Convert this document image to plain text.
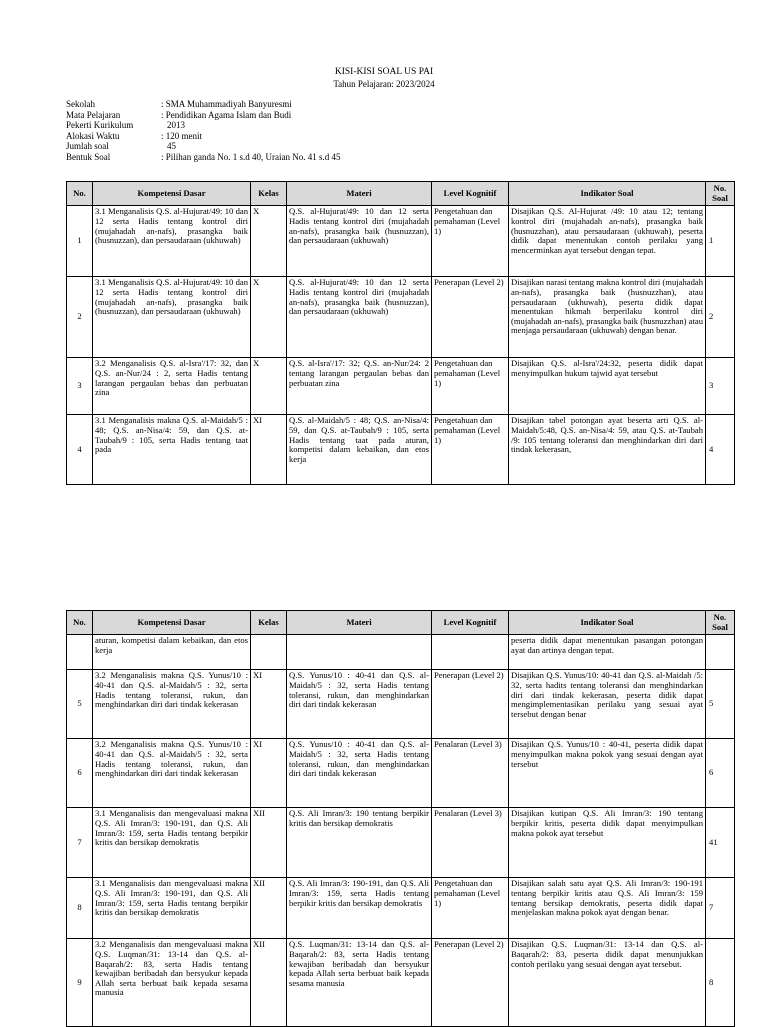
KISI-KISI SOAL US PAI
Tahun Pelajaran: 2023/2024
Sekolah	: SMA Muhammadiyah Banyuresmi
Mata Pelajaran	: Pendidikan Agama Islam dan Budi
Pekerti Kurikulum	2013
Alokasi Waktu	: 120 menit
Jumlah soal	45
Bentuk Soal	: Pilihan ganda No. 1 s.d 40, Uraian No. 41 s.d 45
No.	Kompetensi Dasar	Kelas	Materi	Level Kognitif	Indikator Soal	No. Soal
1	3.1 Menganalisis Q.S. al-Hujurat/49: 10 dan 12 serta Hadis tentang kontrol diri (mujahadah an-nafs), prasangka baik (husnuzzan), dan persaudaraan (ukhuwah)	X	Q.S. al-Hujurat/49: 10 dan 12 serta Hadis tentang kontrol diri (mujahadah an-nafs), prasangka baik (husnuzzan), dan persaudaraan (ukhuwah)	Pengetahuan dan pemahaman (Level 1)	Disajikan Q.S. Al-Hujurat /49: 10 atau 12; tentang kontrol diri (mujahadah an-nafs), prasangka baik (husnuzzhan), atau persaudaraan (ukhuwah), peserta didik dapat menentukan contoh perilaku yang mencerminkan ayat tersebut dengan tepat.	1
2	3.1 Menganalisis Q.S. al-Hujurat/49: 10 dan 12 serta Hadis tentang kontrol diri (mujahadah an-nafs), prasangka baik (husnuzzan), dan persaudaraan (ukhuwah)	X	Q.S. al-Hujurat/49: 10 dan 12 serta Hadis tentang kontrol diri (mujahadah an-nafs), prasangka baik (husnuzzan), dan persaudaraan (ukhuwah)	Penerapan (Level 2)	Disajikan narasi tentang makna kontrol diri (mujahadah an-nafs), prasangka baik (husnuzzhan), atau persaudaraan (ukhuwah), peserta didik dapat menentukan hikmah berperilaku kontrol diri (mujahadah an-nafs), prasangka baik (husnuzzhan) atau menjaga persaudaraan (ukhuwah) dengan benar.	2
3	3.2 Menganalisis Q.S. al-Isra'/17: 32, dan Q.S. an-Nur/24 : 2, serta Hadis tentang larangan pergaulan bebas dan perbuatan zina	X	Q.S. al-Isra'/17: 32; Q.S. an-Nur/24: 2 tentang larangan pergaulan bebas dan perbuatan zina	Pengetahuan dan pemahaman (Level 1)	Disajikan Q.S. al-Isra'/24:32, peserta didik dapat menyimpulkan hukum tajwid ayat tersebut	3
4	3.1 Menganalisis makna Q.S. al-Maidah/5 : 48; Q.S. an-Nisa/4: 59, dan Q.S. at-Taubah/9 : 105, serta Hadis tentang taat pada	XI	Q.S. al-Maidah/5 : 48; Q.S. an-Nisa/4: 59, dan Q.S. at-Taubah/9 : 105, serta Hadis tentang taat pada aturan, kompetisi dalam kebaikan, dan etos kerja	Pengetahuan dan pemahaman (Level 1)	Disajikan tabel potongan ayat beserta arti Q.S. al-Maidah/5:48, Q.S. an-Nisa/4: 59, atau Q.S. at-Taubah /9: 105 tentang toleransi dan menghindarkan diri dari tindak kekerasan,	4
No.	Kompetensi Dasar	Kelas	Materi	Level Kognitif	Indikator Soal	No. Soal
	aturan, kompetisi dalam kebaikan, dan etos kerja				peserta didik dapat menentukan pasangan potongan ayat dan artinya dengan tepat.	
5	3.2 Menganalisis makna Q.S. Yunus/10 : 40-41 dan Q.S. al-Maidah/5 : 32, serta Hadis tentang toleransi, rukun, dan menghindarkan diri dari tindak kekerasan	XI	Q.S. Yunus/10 : 40-41 dan Q.S. al- Maidah/5 : 32, serta Hadis tentang toleransi, rukun, dan menghindarkan diri dari tindak kekerasan	Penerapan (Level 2)	Disajikan Q.S. Yunus/10: 40-41 dan Q.S. al-Maidah /5: 32, serta hadits tentang toleransi dan menghindarkan diri dari tindak kekerasan, peserta didik dapat mengimplementasikan perilaku yang sesuai ayat tersebut dengan benar	5
6	3.2 Menganalisis makna Q.S. Yunus/10 : 40-41 dan Q.S. al-Maidah/5 : 32, serta Hadis tentang toleransi, rukun, dan menghindarkan diri dari tindak kekerasan	XI	Q.S. Yunus/10 : 40-41 dan Q.S. al- Maidah/5 : 32, serta Hadis tentang toleransi, rukun, dan menghindarkan diri dari tindak kekerasan	Penalaran (Level 3)	Disajikan Q.S. Yunus/10 : 40-41, peserta didik dapat menyimpulkan makna pokok yang sesuai dengan ayat tersebut	6
7	3.1 Menganalisis dan mengevaluasi makna Q.S. Ali Imran/3: 190-191, dan Q.S. Ali Imran/3: 159, serta Hadis tentang berpikir kritis dan bersikap demokratis	XII	Q.S. Ali Imran/3: 190 tentang berpikir kritis dan bersikap demokratis	Penalaran (Level 3)	Disajikan kutipan Q.S. Ali Imran/3: 190 tentang berpikir kritis, peserta didik dapat menyimpulkan makna pokok ayat tersebut	41
8	3.1 Menganalisis dan mengevaluasi makna Q.S. Ali Imran/3: 190-191, dan Q.S. Ali Imran/3: 159, serta Hadis tentang berpikir kritis dan bersikap demokratis	XII	Q.S. Ali Imran/3: 190-191, dan Q.S. Ali Imran/3: 159, serta Hadis tentang berpikir kritis dan bersikap demokratis	Pengetahuan dan pemahaman (Level 1)	Disajikan salah satu ayat Q.S. Ali Imran/3: 190-191 tentang berpikir kritis atau Q.S. Ali Imran/3: 159 tentang bersikap demokratis, peserta didik dapat menjelaskan makna pokok ayat dengan benar.	7
9	3.2 Menganalisis dan mengevaluasi makna Q.S. Luqman/31: 13-14 dan Q.S. al-Baqarah/2: 83, serta Hadis tentang kewajiban beribadah dan bersyukur kepada Allah serta berbuat baik kepada sesama manusia	XII	Q.S. Luqman/31: 13-14 dan Q.S. al-Baqarah/2: 83, serta Hadis tentang kewajiban beribadah dan bersyukur kepada Allah serta berbuat baik kepada sesama manusia	Penerapan (Level 2)	Disajikan Q.S. Luqman/31: 13-14 dan Q.S. al- Baqarah/2: 83, peserta didik dapat menunjukkan contoh perilaku yang sesuai dengan ayat tersebut.	8
